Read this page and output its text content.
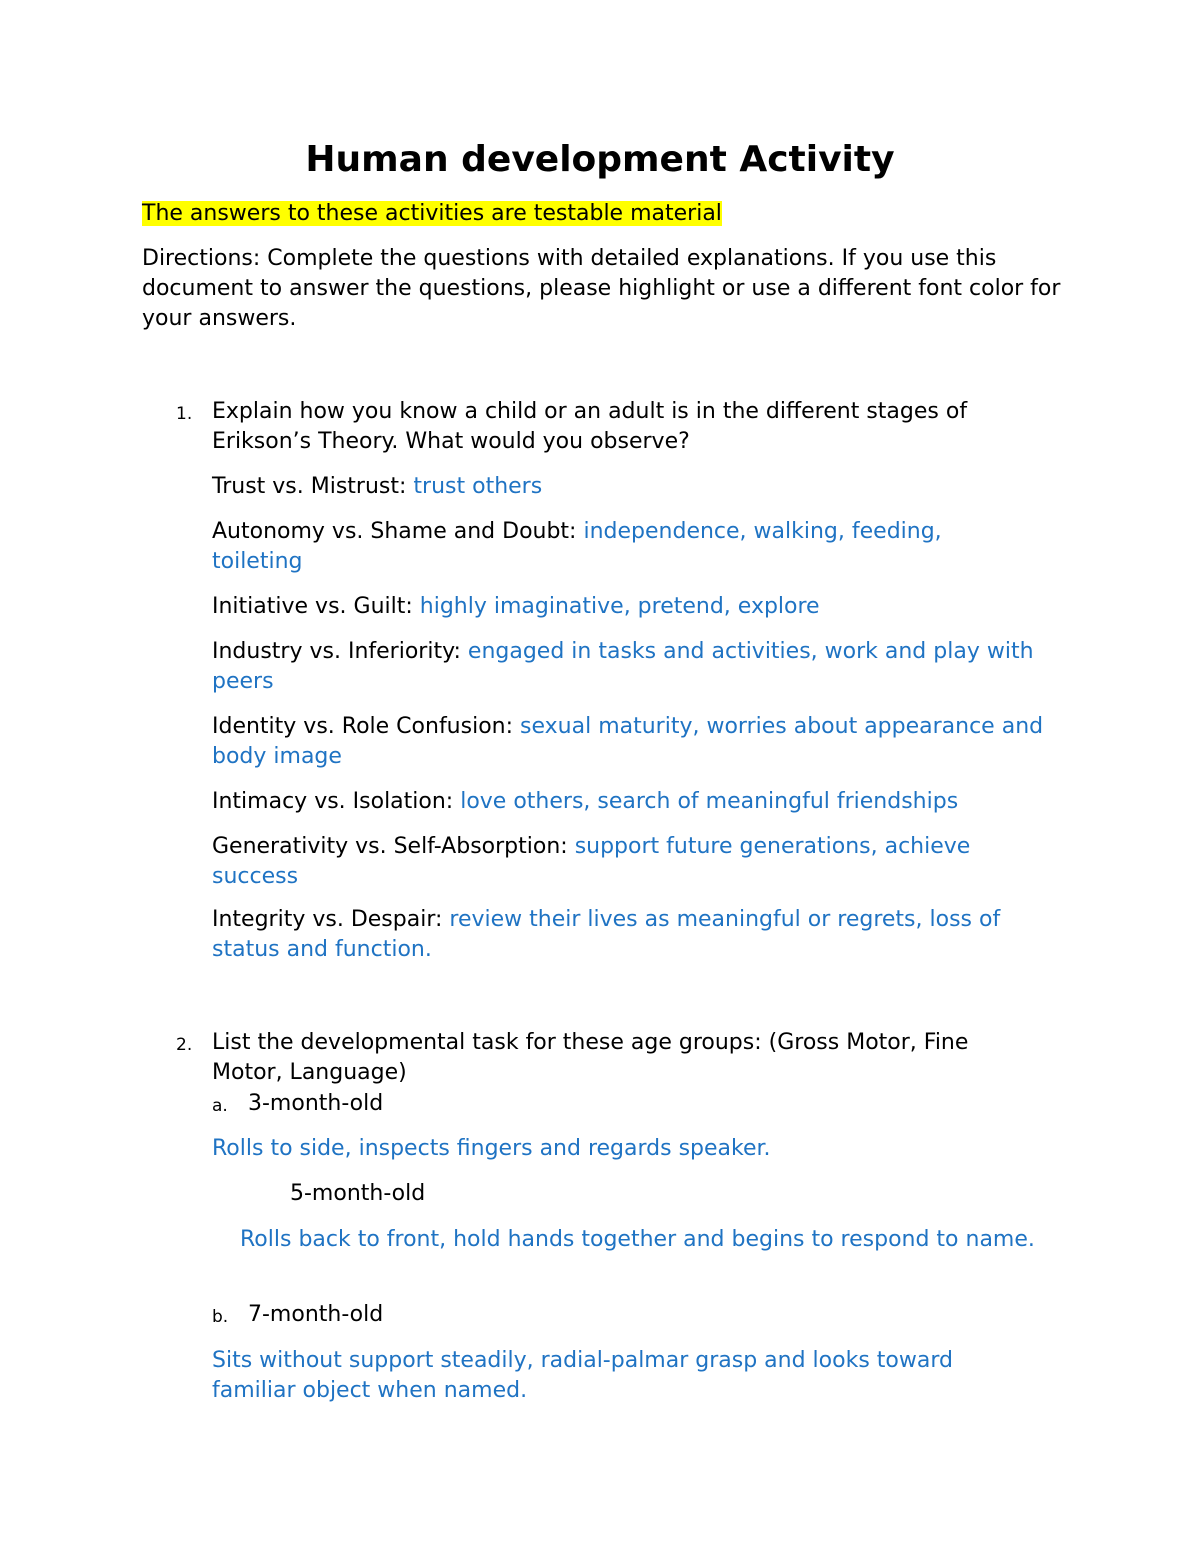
Human development Activity
The answers to these activities are testable material
Directions: Complete the questions with detailed explanations. If you use this document to answer the questions, please highlight or use a different font color for your answers.
1. Explain how you know a child or an adult is in the different stages of Erikson’s Theory. What would you observe?
Trust vs. Mistrust: trust others
Autonomy vs. Shame and Doubt: independence, walking, feeding, toileting
Initiative vs. Guilt: highly imaginative, pretend, explore
Industry vs. Inferiority: engaged in tasks and activities, work and play with peers
Identity vs. Role Confusion: sexual maturity, worries about appearance and body image
Intimacy vs. Isolation: love others, search of meaningful friendships
Generativity vs. Self-Absorption: support future generations, achieve success
Integrity vs. Despair: review their lives as meaningful or regrets, loss of status and function.
2. List the developmental task for these age groups: (Gross Motor, Fine Motor, Language)
a. 3-month-old
Rolls to side, inspects fingers and regards speaker.
5-month-old
Rolls back to front, hold hands together and begins to respond to name.
b. 7-month-old
Sits without support steadily, radial-palmar grasp and looks toward familiar object when named.
